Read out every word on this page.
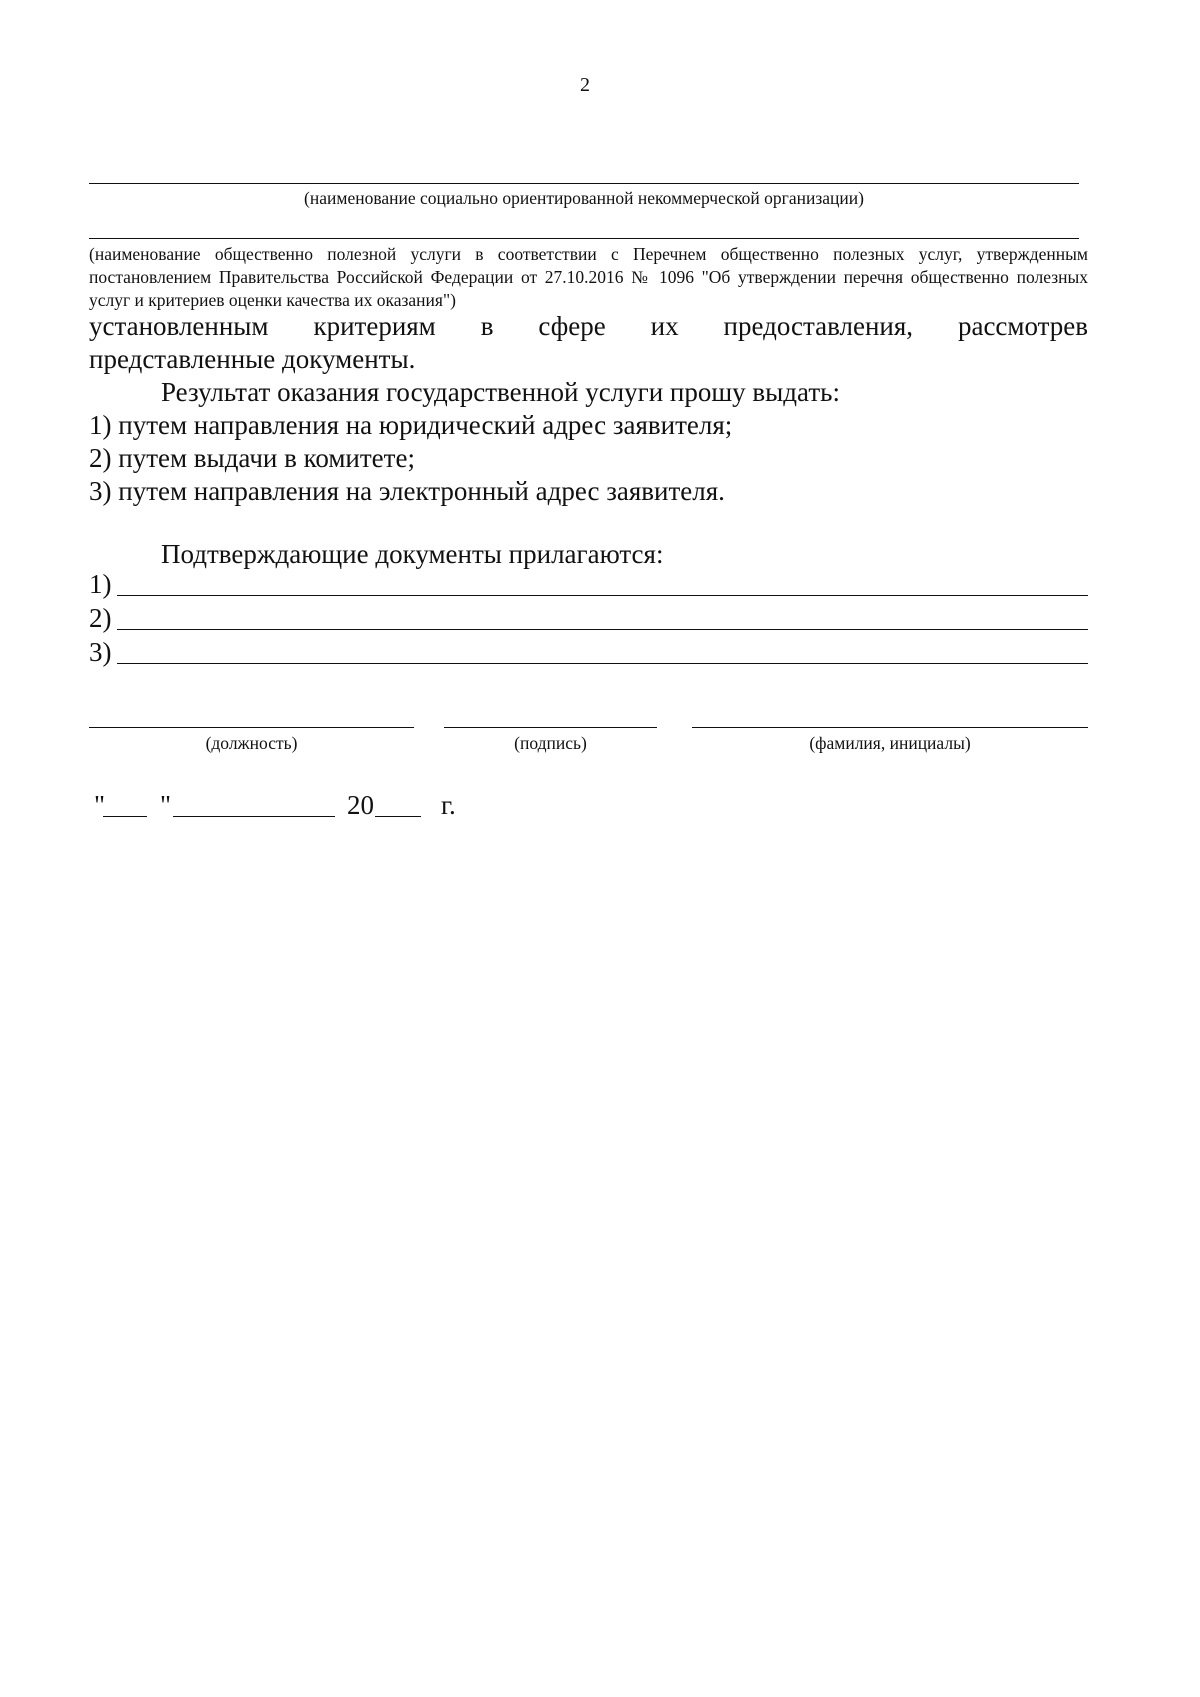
2
(наименование социально ориентированной некоммерческой организации)
(наименование общественно полезной услуги в соответствии с Перечнем общественно полезных услуг, утвержденным постановлением Правительства Российской Федерации от 27.10.2016 № 1096 "Об утверждении перечня общественно полезных услуг и критериев оценки качества их оказания")
установленным критериям в сфере их предоставления, рассмотрев
представленные документы.
Результат оказания государственной услуги прошу выдать:
1) путем направления на юридический адрес заявителя;
2) путем выдачи в комитете;
3) путем направления на электронный адрес заявителя.
Подтверждающие документы прилагаются:
1)
2)
3)
(должность)	(подпись)	(фамилия, инициалы)
" "	20 г.
